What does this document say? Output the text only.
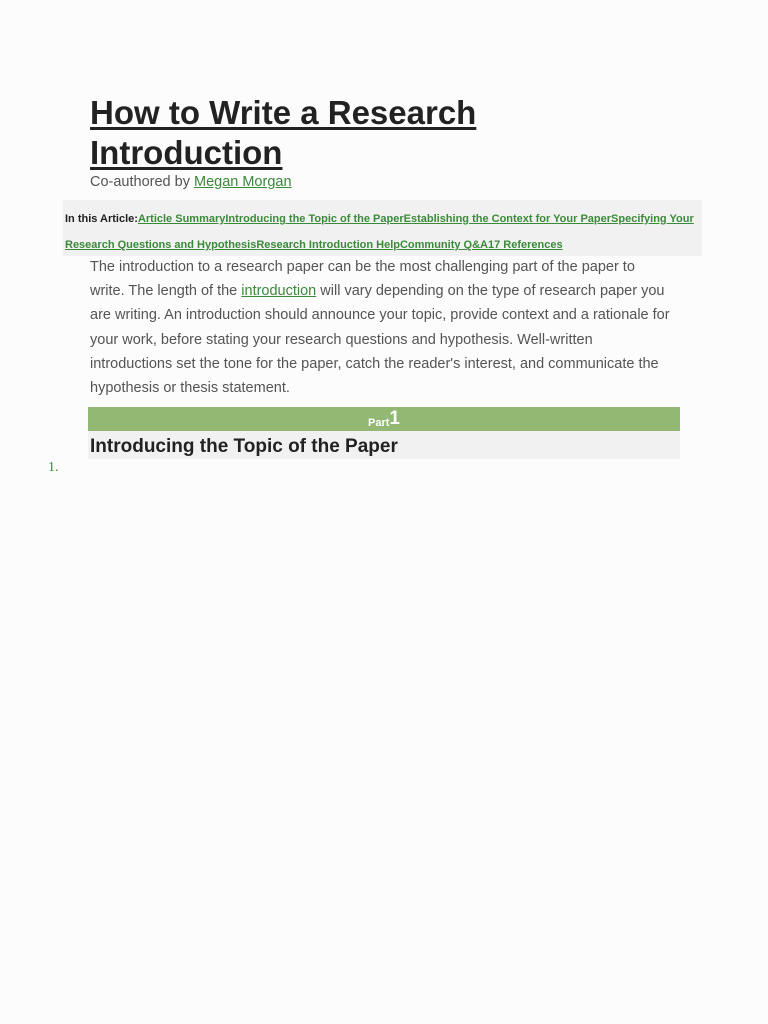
How to Write a Research Introduction
Co-authored by Megan Morgan
In this Article:Article SummaryIntroducing the Topic of the PaperEstablishing the Context for Your PaperSpecifying Your Research Questions and HypothesisResearch Introduction HelpCommunity Q&A17 References

The introduction to a research paper can be the most challenging part of the paper to write. The length of the introduction will vary depending on the type of research paper you are writing. An introduction should announce your topic, provide context and a rationale for your work, before stating your research questions and hypothesis. Well-written introductions set the tone for the paper, catch the reader's interest, and communicate the hypothesis or thesis statement.

Part1
Introducing the Topic of the Paper
1.
